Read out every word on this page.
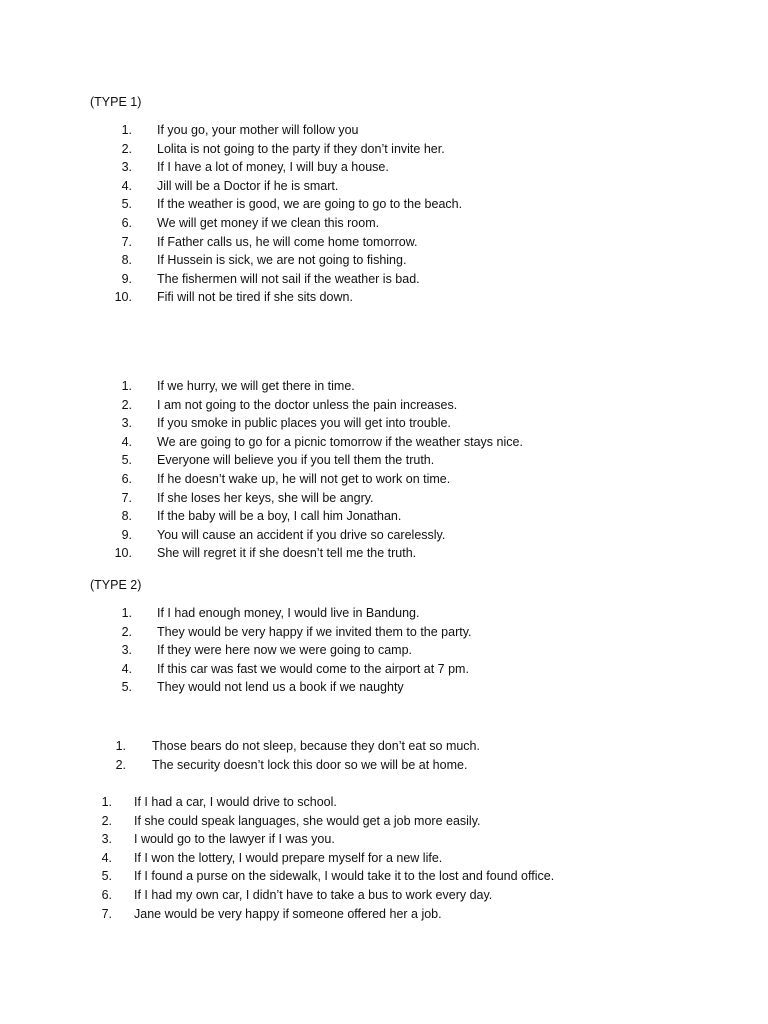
(TYPE 1)
1. If you go, your mother will follow you
2. Lolita is not going to the party if they don’t invite her.
3. If I have a lot of money, I will buy a house.
4. Jill will be a Doctor if he is smart.
5. If the weather is good, we are going to go to the beach.
6. We will get money if we clean this room.
7. If Father calls us, he will come home tomorrow.
8. If Hussein is sick, we are not going to fishing.
9. The fishermen will not sail if the weather is bad.
10. Fifi will not be tired if she sits down.
1. If we hurry, we will get there in time.
2. I am not going to the doctor unless the pain increases.
3. If you smoke in public places you will get into trouble.
4. We are going to go for a picnic tomorrow if the weather stays nice.
5. Everyone will believe you if you tell them the truth.
6. If he doesn’t wake up, he will not get to work on time.
7. If she loses her keys, she will be angry.
8. If the baby will be a boy, I call him Jonathan.
9. You will cause an accident if you drive so carelessly.
10. She will regret it if she doesn’t tell me the truth.
(TYPE 2)
1. If I had enough money, I would live in Bandung.
2. They would be very happy if we invited them to the party.
3. If they were here now we were going to camp.
4. If this car was fast we would come to the airport at 7 pm.
5. They would not lend us a book if we naughty
1. Those bears do not sleep, because they don’t eat so much.
2. The security doesn’t lock this door so we will be at home.
1. If I had a car, I would drive to school.
2. If she could speak languages, she would get a job more easily.
3. I would go to the lawyer if I was you.
4. If I won the lottery, I would prepare myself for a new life.
5. If I found a purse on the sidewalk, I would take it to the lost and found office.
6. If I had my own car, I didn’t have to take a bus to work every day.
7. Jane would be very happy if someone offered her a job.
